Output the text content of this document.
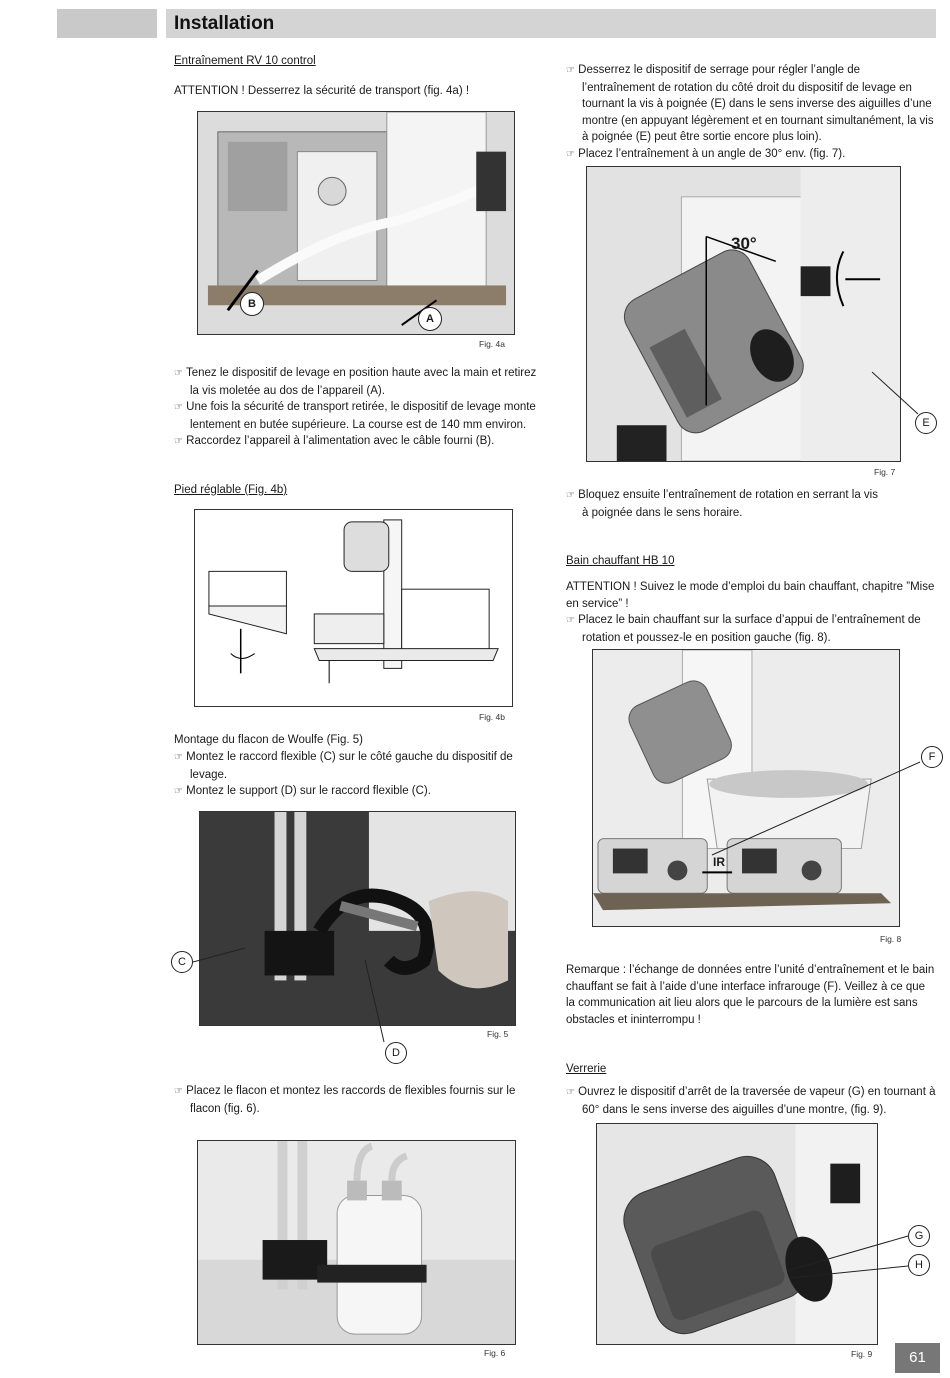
Installation
Entraînement RV 10 control
ATTENTION ! Desserrez la sécurité de transport (fig. 4a) !
B
A
Fig. 4a
☞ Tenez le dispositif de levage en position haute avec la main et retirez la vis moletée au dos de l’appareil (A).
☞ Une fois la sécurité de transport retirée, le dispositif de levage monte lentement en butée supérieure. La course est de 140 mm environ.
☞ Raccordez l’appareil à l’alimentation avec le câble fourni (B).
Pied réglable (Fig. 4b)
Fig. 4b
Montage du flacon de Woulfe (Fig. 5)
☞ Montez le raccord flexible (C) sur le côté gauche du dispositif de levage.
☞ Montez le support (D) sur le raccord flexible (C).
C
Fig. 5
D
☞ Placez le flacon et montez les raccords de flexibles fournis sur le flacon (fig. 6).
Fig. 6
☞ Desserrez le dispositif de serrage pour régler l’angle de l’entraînement de rotation du côté droit du dispositif de levage en tournant la vis à poignée (E) dans le sens inverse des aiguilles d’une montre (en appuyant légèrement et en tournant simultanément, la vis à poignée (E) peut être sortie encore plus loin).
☞ Placez l’entraînement à un angle de 30° env. (fig. 7).
30°
E
Fig. 7
☞ Bloquez ensuite l’entraînement de rotation en serrant la vis à poignée dans le sens horaire.
Bain chauffant HB 10
ATTENTION ! Suivez le mode d’emploi du bain chauffant, chapitre ”Mise en service” !
☞ Placez le bain chauffant sur la surface d’appui de l’entraînement de rotation et poussez-le en position gauche (fig. 8).
IR
F
Fig. 8
Remarque : l’échange de données entre l’unité d’entraînement et le bain chauffant se fait à l’aide d’une interface infrarouge (F). Veillez à ce que la communication ait lieu alors que le parcours de la lumière est sans obstacles et ininterrompu !
Verrerie
☞ Ouvrez le dispositif d’arrêt de la traversée de vapeur (G) en tournant à 60° dans le sens inverse des aiguilles d’une montre, (fig. 9).
G
H
Fig. 9	61
